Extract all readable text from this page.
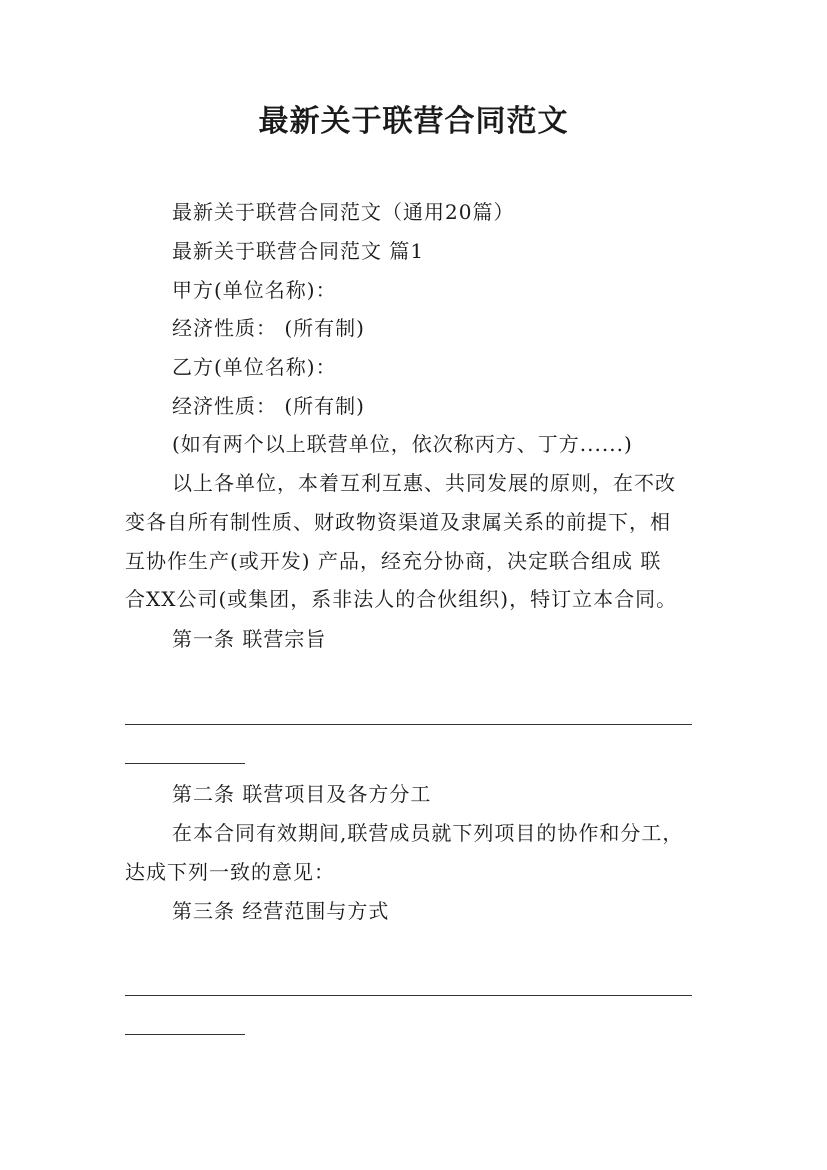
最新关于联营合同范文
最新关于联营合同范文（通用20篇）
最新关于联营合同范文 篇1
甲方(单位名称)：
经济性质： (所有制)
乙方(单位名称)：
经济性质： (所有制)
(如有两个以上联营单位，依次称丙方、丁方......)
以上各单位，本着互利互惠、共同发展的原则，在不改
变各自所有制性质、财政物资渠道及隶属关系的前提下，相
互协作生产(或开发) 产品，经充分协商，决定联合组成 联
合XX公司(或集团，系非法人的合伙组织)，特订立本合同。
第一条 联营宗旨
第二条 联营项目及各方分工
在本合同有效期间,联营成员就下列项目的协作和分工，
达成下列一致的意见：
第三条 经营范围与方式
